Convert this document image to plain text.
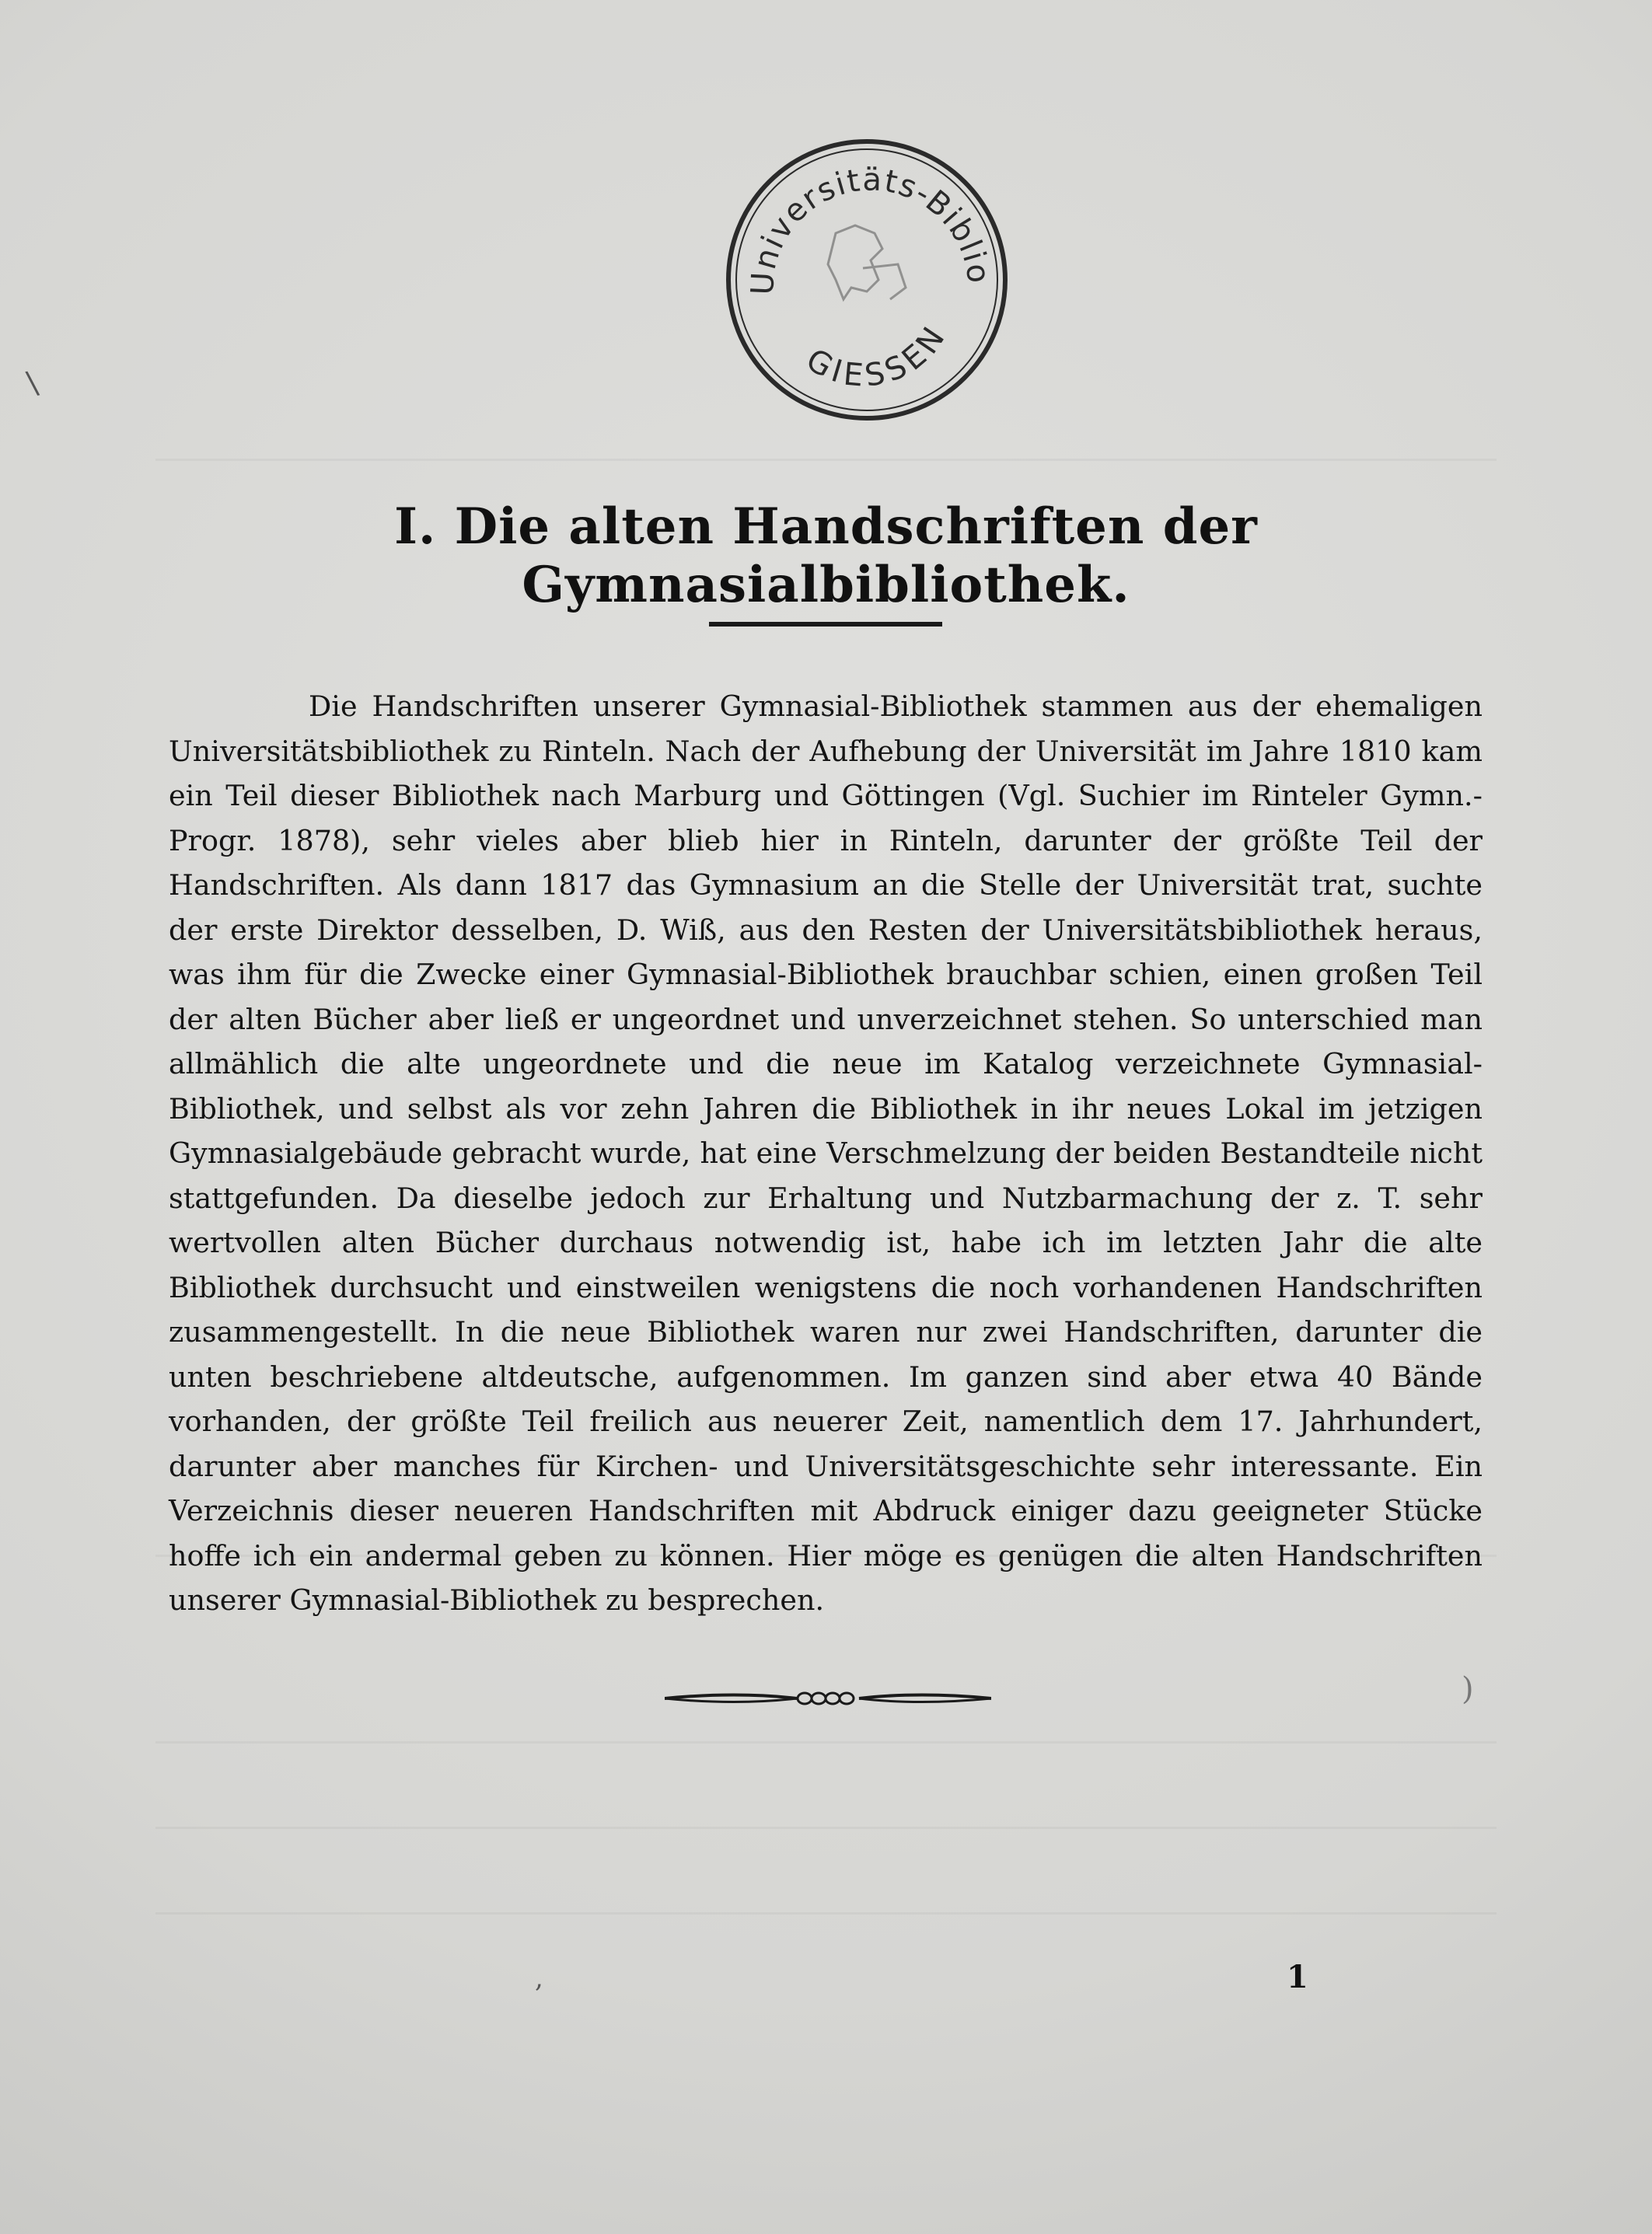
Universitäts-Biblio
GIESSEN
\
)
,
I. Die alten Handschriften der Gymnasialbibliothek.

Die Handschriften unserer Gymnasial-Bibliothek stammen aus der ehemaligen Universitätsbibliothek zu Rinteln. Nach der Aufhebung der Universität im Jahre 1810 kam ein Teil dieser Bibliothek nach Marburg und Göttingen (Vgl. Suchier im Rinteler Gymn.-Progr. 1878), sehr vieles aber blieb hier in Rinteln, darunter der größte Teil der Handschriften. Als dann 1817 das Gymnasium an die Stelle der Universität trat, suchte der erste Direktor desselben, D. Wiß, aus den Resten der Universitätsbibliothek heraus, was ihm für die Zwecke einer Gymnasial-Bibliothek brauchbar schien, einen großen Teil der alten Bücher aber ließ er ungeordnet und unverzeichnet stehen. So unterschied man allmählich die alte ungeordnete und die neue im Katalog verzeichnete Gymnasial-Bibliothek, und selbst als vor zehn Jahren die Bibliothek in ihr neues Lokal im jetzigen Gymnasialgebäude gebracht wurde, hat eine Verschmelzung der beiden Bestandteile nicht stattgefunden. Da dieselbe jedoch zur Erhaltung und Nutzbarmachung der z. T. sehr wertvollen alten Bücher durchaus notwendig ist, habe ich im letzten Jahr die alte Bibliothek durchsucht und einstweilen wenigstens die noch vorhandenen Handschriften zusammengestellt. In die neue Bibliothek waren nur zwei Handschriften, darunter die unten beschriebene altdeutsche, aufgenommen. Im ganzen sind aber etwa 40 Bände vorhanden, der größte Teil freilich aus neuerer Zeit, namentlich dem 17. Jahrhundert, darunter aber manches für Kirchen- und Universitätsgeschichte sehr interessante. Ein Verzeichnis dieser neueren Handschriften mit Abdruck einiger dazu geeigneter Stücke hoffe ich ein andermal geben zu können. Hier möge es genügen die alten Handschriften unserer Gymnasial-Bibliothek zu besprechen.

1
